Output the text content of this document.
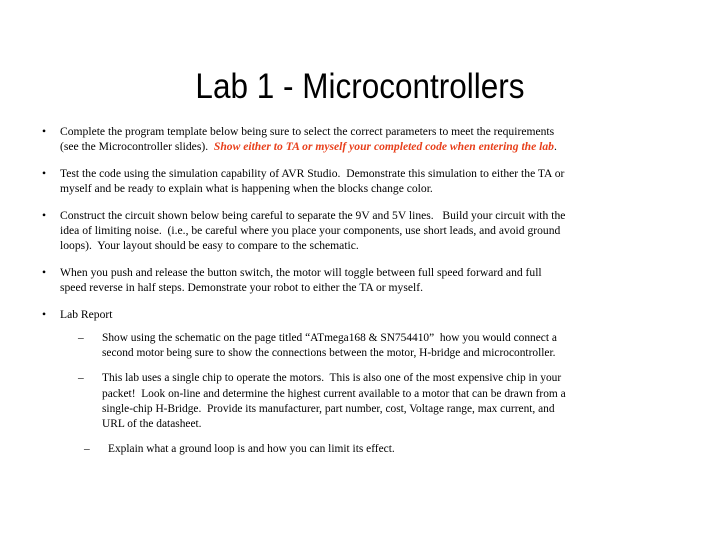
Lab 1 - Microcontrollers
• Complete the program template below being sure to select the correct parameters to meet the requirements
(see the Microcontroller slides).  Show either to TA or myself your completed code when entering the lab.
• Test the code using the simulation capability of AVR Studio.  Demonstrate this simulation to either the TA or
myself and be ready to explain what is happening when the blocks change color.
• Construct the circuit shown below being careful to separate the 9V and 5V lines.   Build your circuit with the
idea of limiting noise.  (i.e., be careful where you place your components, use short leads, and avoid ground
loops).  Your layout should be easy to compare to the schematic.
• When you push and release the button switch, the motor will toggle between full speed forward and full
speed reverse in half steps. Demonstrate your robot to either the TA or myself.
• Lab Report
– Show using the schematic on the page titled “ATmega168 & SN754410”  how you would connect a
second motor being sure to show the connections between the motor, H-bridge and microcontroller.
– This lab uses a single chip to operate the motors.  This is also one of the most expensive chip in your
packet!  Look on-line and determine the highest current available to a motor that can be drawn from a
single-chip H-Bridge.  Provide its manufacturer, part number, cost, Voltage range, max current, and
URL of the datasheet.
– Explain what a ground loop is and how you can limit its effect.
